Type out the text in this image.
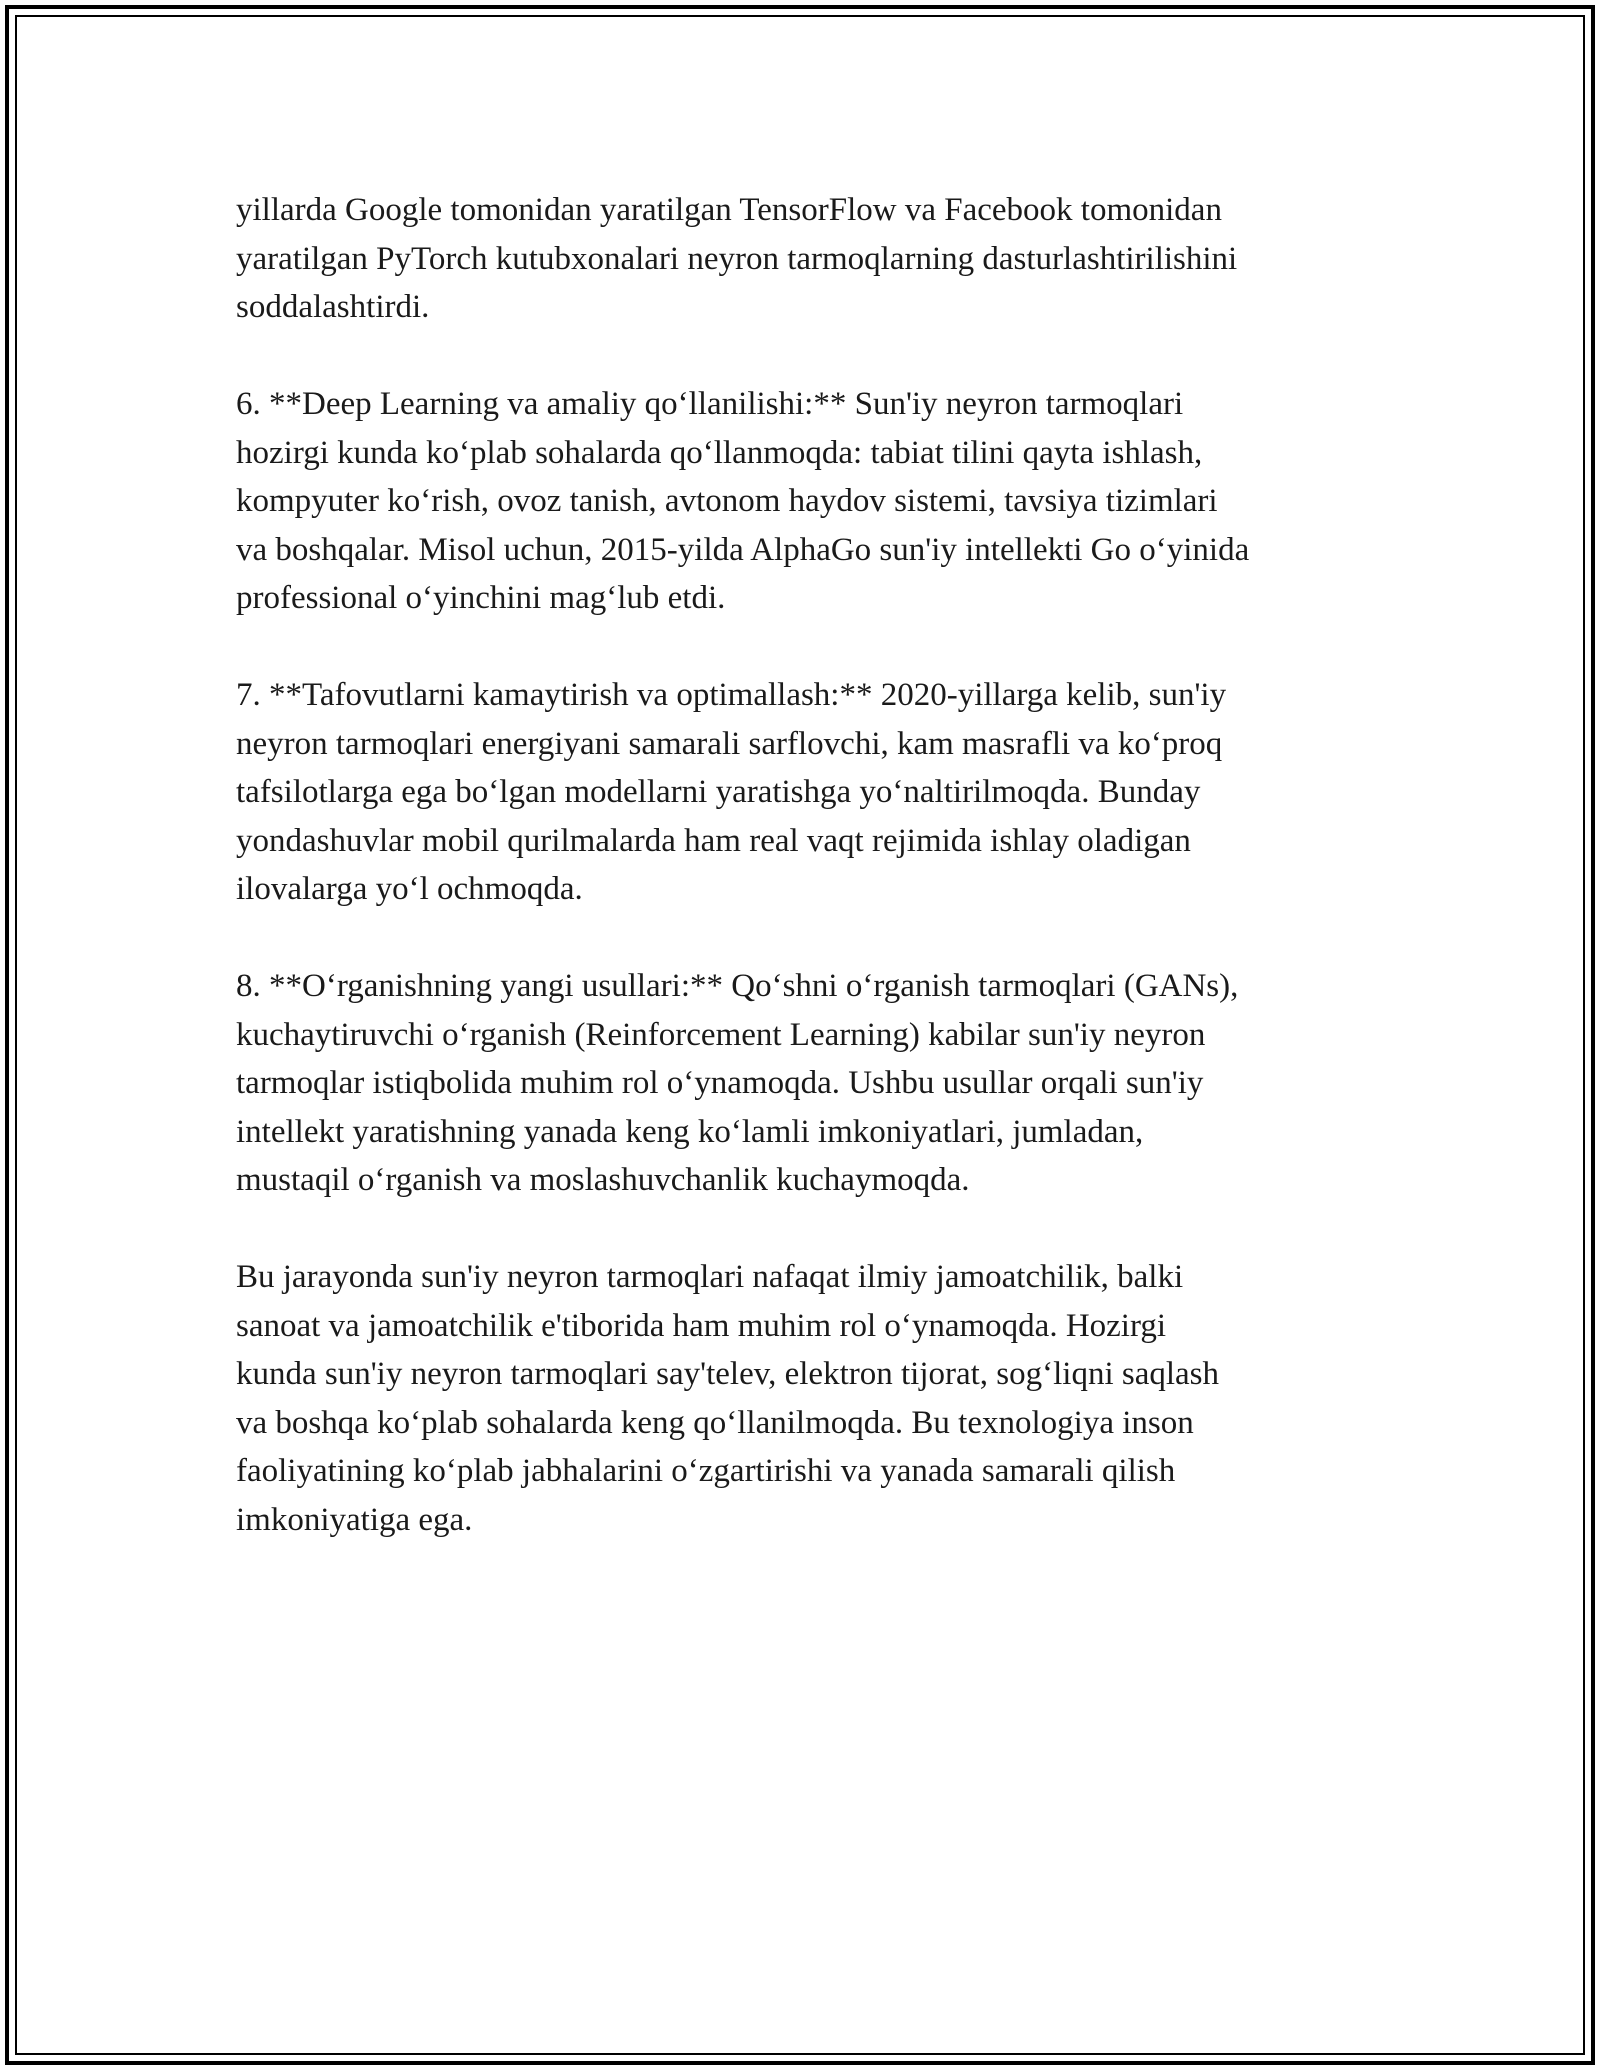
yillarda Google tomonidan yaratilgan TensorFlow va Facebook tomonidan
yaratilgan PyTorch kutubxonalari neyron tarmoqlarning dasturlashtirilishini
soddalashtirdi.

6. **Deep Learning va amaliy qoʻllanilishi:** Sun'iy neyron tarmoqlari
hozirgi kunda koʻplab sohalarda qoʻllanmoqda: tabiat tilini qayta ishlash,
kompyuter koʻrish, ovoz tanish, avtonom haydov sistemi, tavsiya tizimlari
va boshqalar. Misol uchun, 2015-yilda AlphaGo sun'iy intellekti Go oʻyinida
professional oʻyinchini magʻlub etdi.

7. **Tafovutlarni kamaytirish va optimallash:** 2020-yillarga kelib, sun'iy
neyron tarmoqlari energiyani samarali sarflovchi, kam masrafli va koʻproq
tafsilotlarga ega boʻlgan modellarni yaratishga yoʻnaltirilmoqda. Bunday
yondashuvlar mobil qurilmalarda ham real vaqt rejimida ishlay oladigan
ilovalarga yoʻl ochmoqda.

8. **Oʻrganishning yangi usullari:** Qoʻshni oʻrganish tarmoqlari (GANs),
kuchaytiruvchi oʻrganish (Reinforcement Learning) kabilar sun'iy neyron
tarmoqlar istiqbolida muhim rol oʻynamoqda. Ushbu usullar orqali sun'iy
intellekt yaratishning yanada keng koʻlamli imkoniyatlari, jumladan,
mustaqil oʻrganish va moslashuvchanlik kuchaymoqda.

Bu jarayonda sun'iy neyron tarmoqlari nafaqat ilmiy jamoatchilik, balki
sanoat va jamoatchilik e'tiborida ham muhim rol oʻynamoqda. Hozirgi
kunda sun'iy neyron tarmoqlari say'telev, elektron tijorat, sogʻliqni saqlash
va boshqa koʻplab sohalarda keng qoʻllanilmoqda. Bu texnologiya inson
faoliyatining koʻplab jabhalarini oʻzgartirishi va yanada samarali qilish
imkoniyatiga ega.
